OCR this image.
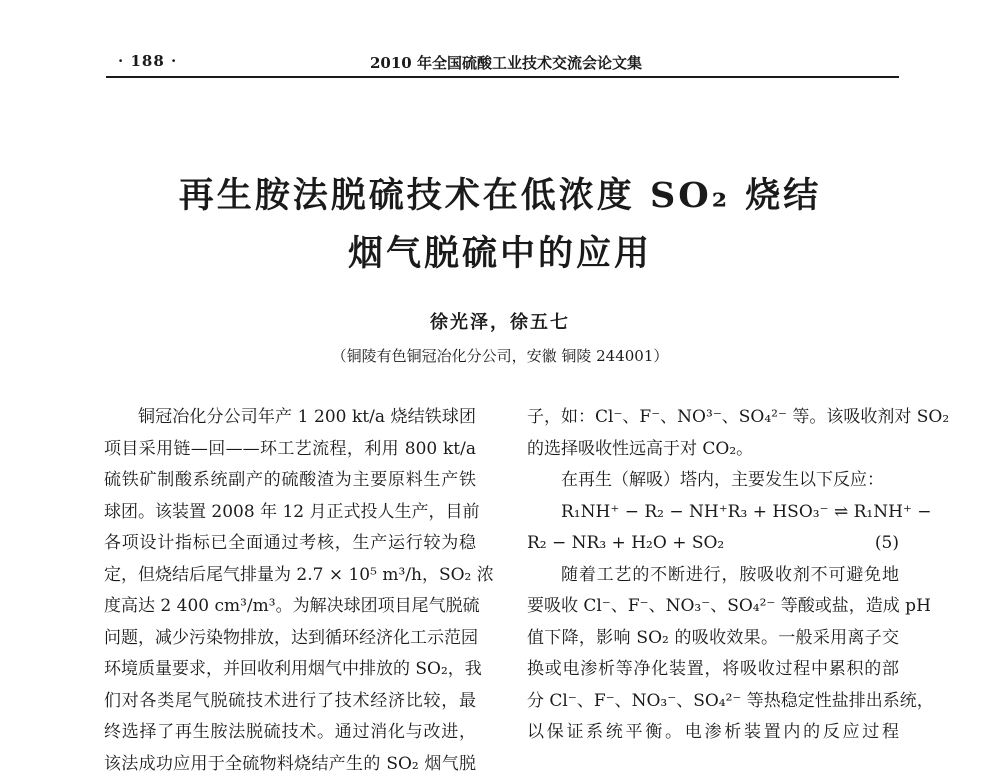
· 188 ·	2010 年全国硫酸工业技术交流会论文集
再生胺法脱硫技术在低浓度 SO₂ 烧结
烟气脱硫中的应用
徐光泽，徐五七
（铜陵有色铜冠冶化分公司，安徽 铜陵 244001）
铜冠冶化分公司年产 1 200 kt/a 烧结铁球团
项目采用链—回——环工艺流程，利用 800 kt/a
硫铁矿制酸系统副产的硫酸渣为主要原料生产铁
球团。该装置 2008 年 12 月正式投人生产，目前
各项设计指标已全面通过考核，生产运行较为稳
定，但烧结后尾气排量为 2.7 × 10⁵ m³/h，SO₂ 浓
度高达 2 400 cm³/m³。为解决球团项目尾气脱硫
问题，减少污染物排放，达到循环经济化工示范园
环境质量要求，并回收利用烟气中排放的 SO₂，我
们对各类尾气脱硫技术进行了技术经济比较，最
终选择了再生胺法脱硫技术。通过消化与改进，
该法成功应用于全硫物料烧结产生的 SO₂ 烟气脱
子，如：Cl⁻、F⁻、NO³⁻、SO₄²⁻ 等。该吸收剂对 SO₂
的选择吸收性远高于对 CO₂。
在再生（解吸）塔内，主要发生以下反应：
R₁NH⁺ − R₂ − NH⁺R₃ + HSO₃⁻ ⇌ R₁NH⁺ −
R₂ − NR₃ + H₂O + SO₂	(5)
随着工艺的不断进行，胺吸收剂不可避免地
要吸收 Cl⁻、F⁻、NO₃⁻、SO₄²⁻ 等酸或盐，造成 pH
值下降，影响 SO₂ 的吸收效果。一般采用离子交
换或电渗析等净化装置，将吸收过程中累积的部
分 Cl⁻、F⁻、NO₃⁻、SO₄²⁻ 等热稳定性盐排出系统，
以保证系统平衡。电渗析装置内的反应过程
